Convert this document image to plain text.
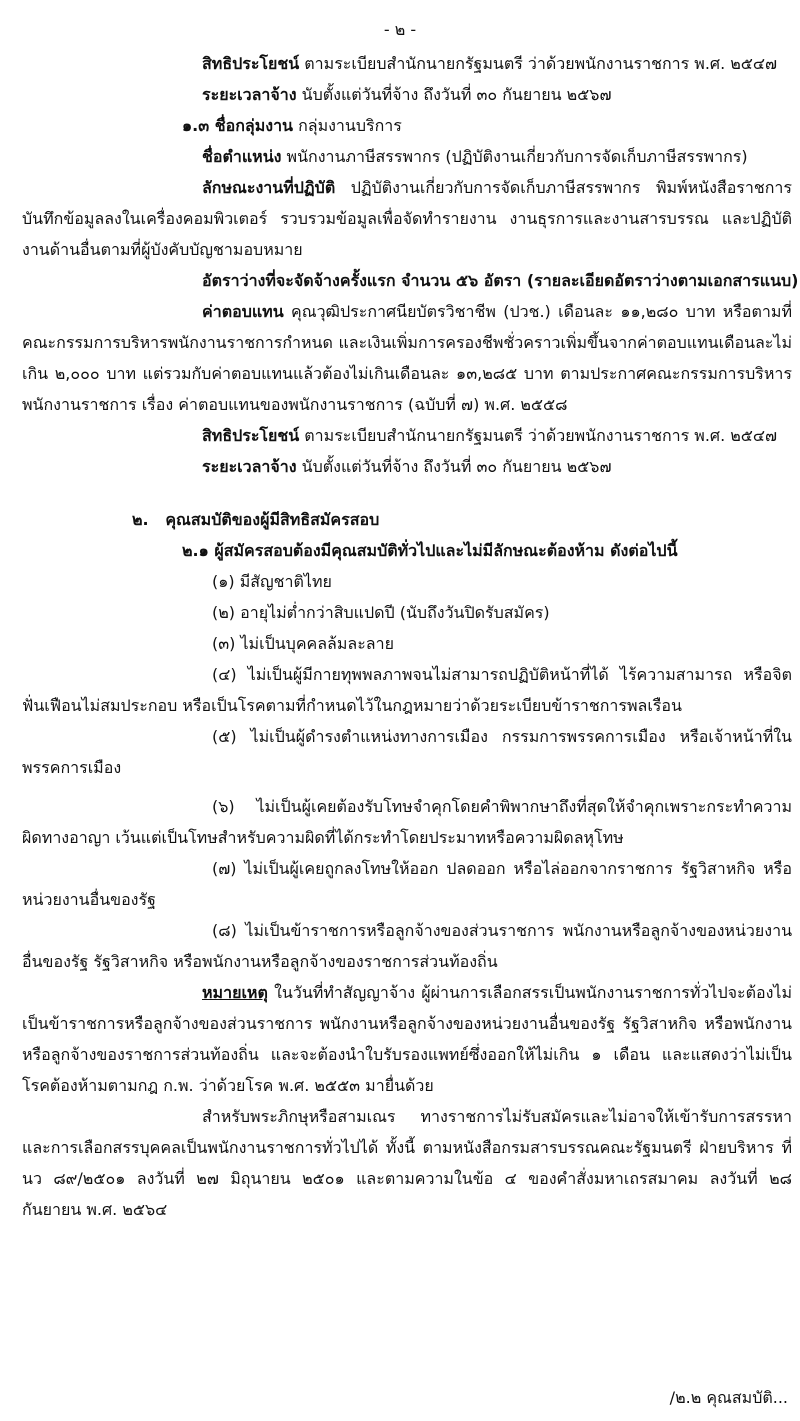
- ๒ -
สิทธิประโยชน์ ตามระเบียบสำนักนายกรัฐมนตรี ว่าด้วยพนักงานราชการ พ.ศ. ๒๕๔๗
ระยะเวลาจ้าง นับตั้งแต่วันที่จ้าง ถึงวันที่ ๓๐ กันยายน ๒๕๖๗
๑.๓ ชื่อกลุ่มงาน กลุ่มงานบริการ
ชื่อตำแหน่ง พนักงานภาษีสรรพากร (ปฏิบัติงานเกี่ยวกับการจัดเก็บภาษีสรรพากร)
ลักษณะงานที่ปฏิบัติ ปฏิบัติงานเกี่ยวกับการจัดเก็บภาษีสรรพากร พิมพ์หนังสือราชการ บันทึกข้อมูลลงในเครื่องคอมพิวเตอร์ รวบรวมข้อมูลเพื่อจัดทำรายงาน งานธุรการและงานสารบรรณ และปฏิบัติงานด้านอื่นตามที่ผู้บังคับบัญชามอบหมาย
อัตราว่างที่จะจัดจ้างครั้งแรก จำนวน ๕๖ อัตรา (รายละเอียดอัตราว่างตามเอกสารแนบ)
ค่าตอบแทน คุณวุฒิประกาศนียบัตรวิชาชีพ (ปวช.) เดือนละ ๑๑,๒๘๐ บาท หรือตามที่คณะกรรมการบริหารพนักงานราชการกำหนด และเงินเพิ่มการครองชีพชั่วคราวเพิ่มขึ้นจากค่าตอบแทนเดือนละไม่เกิน ๒,๐๐๐ บาท แต่รวมกับค่าตอบแทนแล้วต้องไม่เกินเดือนละ ๑๓,๒๘๕ บาท ตามประกาศคณะกรรมการบริหารพนักงานราชการ เรื่อง ค่าตอบแทนของพนักงานราชการ (ฉบับที่ ๗) พ.ศ. ๒๕๕๘
สิทธิประโยชน์ ตามระเบียบสำนักนายกรัฐมนตรี ว่าด้วยพนักงานราชการ พ.ศ. ๒๕๔๗
ระยะเวลาจ้าง นับตั้งแต่วันที่จ้าง ถึงวันที่ ๓๐ กันยายน ๒๕๖๗
๒.   คุณสมบัติของผู้มีสิทธิสมัครสอบ
๒.๑ ผู้สมัครสอบต้องมีคุณสมบัติทั่วไปและไม่มีลักษณะต้องห้าม ดังต่อไปนี้
(๑) มีสัญชาติไทย
(๒) อายุไม่ต่ำกว่าสิบแปดปี (นับถึงวันปิดรับสมัคร)
(๓) ไม่เป็นบุคคลล้มละลาย
(๔) ไม่เป็นผู้มีกายทุพพลภาพจนไม่สามารถปฏิบัติหน้าที่ได้ ไร้ความสามารถ หรือจิตฟั่นเฟือนไม่สมประกอบ หรือเป็นโรคตามที่กำหนดไว้ในกฎหมายว่าด้วยระเบียบข้าราชการพลเรือน
(๕) ไม่เป็นผู้ดำรงตำแหน่งทางการเมือง กรรมการพรรคการเมือง หรือเจ้าหน้าที่ในพรรคการเมือง
(๖) ไม่เป็นผู้เคยต้องรับโทษจำคุกโดยคำพิพากษาถึงที่สุดให้จำคุกเพราะกระทำความผิดทางอาญา เว้นแต่เป็นโทษสำหรับความผิดที่ได้กระทำโดยประมาทหรือความผิดลหุโทษ
(๗) ไม่เป็นผู้เคยถูกลงโทษให้ออก ปลดออก หรือไล่ออกจากราชการ รัฐวิสาหกิจ หรือหน่วยงานอื่นของรัฐ
(๘) ไม่เป็นข้าราชการหรือลูกจ้างของส่วนราชการ พนักงานหรือลูกจ้างของหน่วยงานอื่นของรัฐ รัฐวิสาหกิจ หรือพนักงานหรือลูกจ้างของราชการส่วนท้องถิ่น
หมายเหตุ ในวันที่ทำสัญญาจ้าง ผู้ผ่านการเลือกสรรเป็นพนักงานราชการทั่วไปจะต้องไม่เป็นข้าราชการหรือลูกจ้างของส่วนราชการ พนักงานหรือลูกจ้างของหน่วยงานอื่นของรัฐ รัฐวิสาหกิจ หรือพนักงาน หรือลูกจ้างของราชการส่วนท้องถิ่น และจะต้องนำใบรับรองแพทย์ซึ่งออกให้ไม่เกิน ๑ เดือน และแสดงว่าไม่เป็นโรคต้องห้ามตามกฎ ก.พ. ว่าด้วยโรค พ.ศ. ๒๕๕๓ มายื่นด้วย
สำหรับพระภิกษุหรือสามเณร ทางราชการไม่รับสมัครและไม่อาจให้เข้ารับการสรรหาและการเลือกสรรบุคคลเป็นพนักงานราชการทั่วไปได้ ทั้งนี้ ตามหนังสือกรมสารบรรณคณะรัฐมนตรี ฝ่ายบริหาร ที่ นว ๘๙/๒๕๐๑ ลงวันที่ ๒๗ มิถุนายน ๒๕๐๑ และตามความในข้อ ๔ ของคำสั่งมหาเถรสมาคม ลงวันที่ ๒๘ กันยายน พ.ศ. ๒๕๖๔
/๒.๒ คุณสมบัติ...
